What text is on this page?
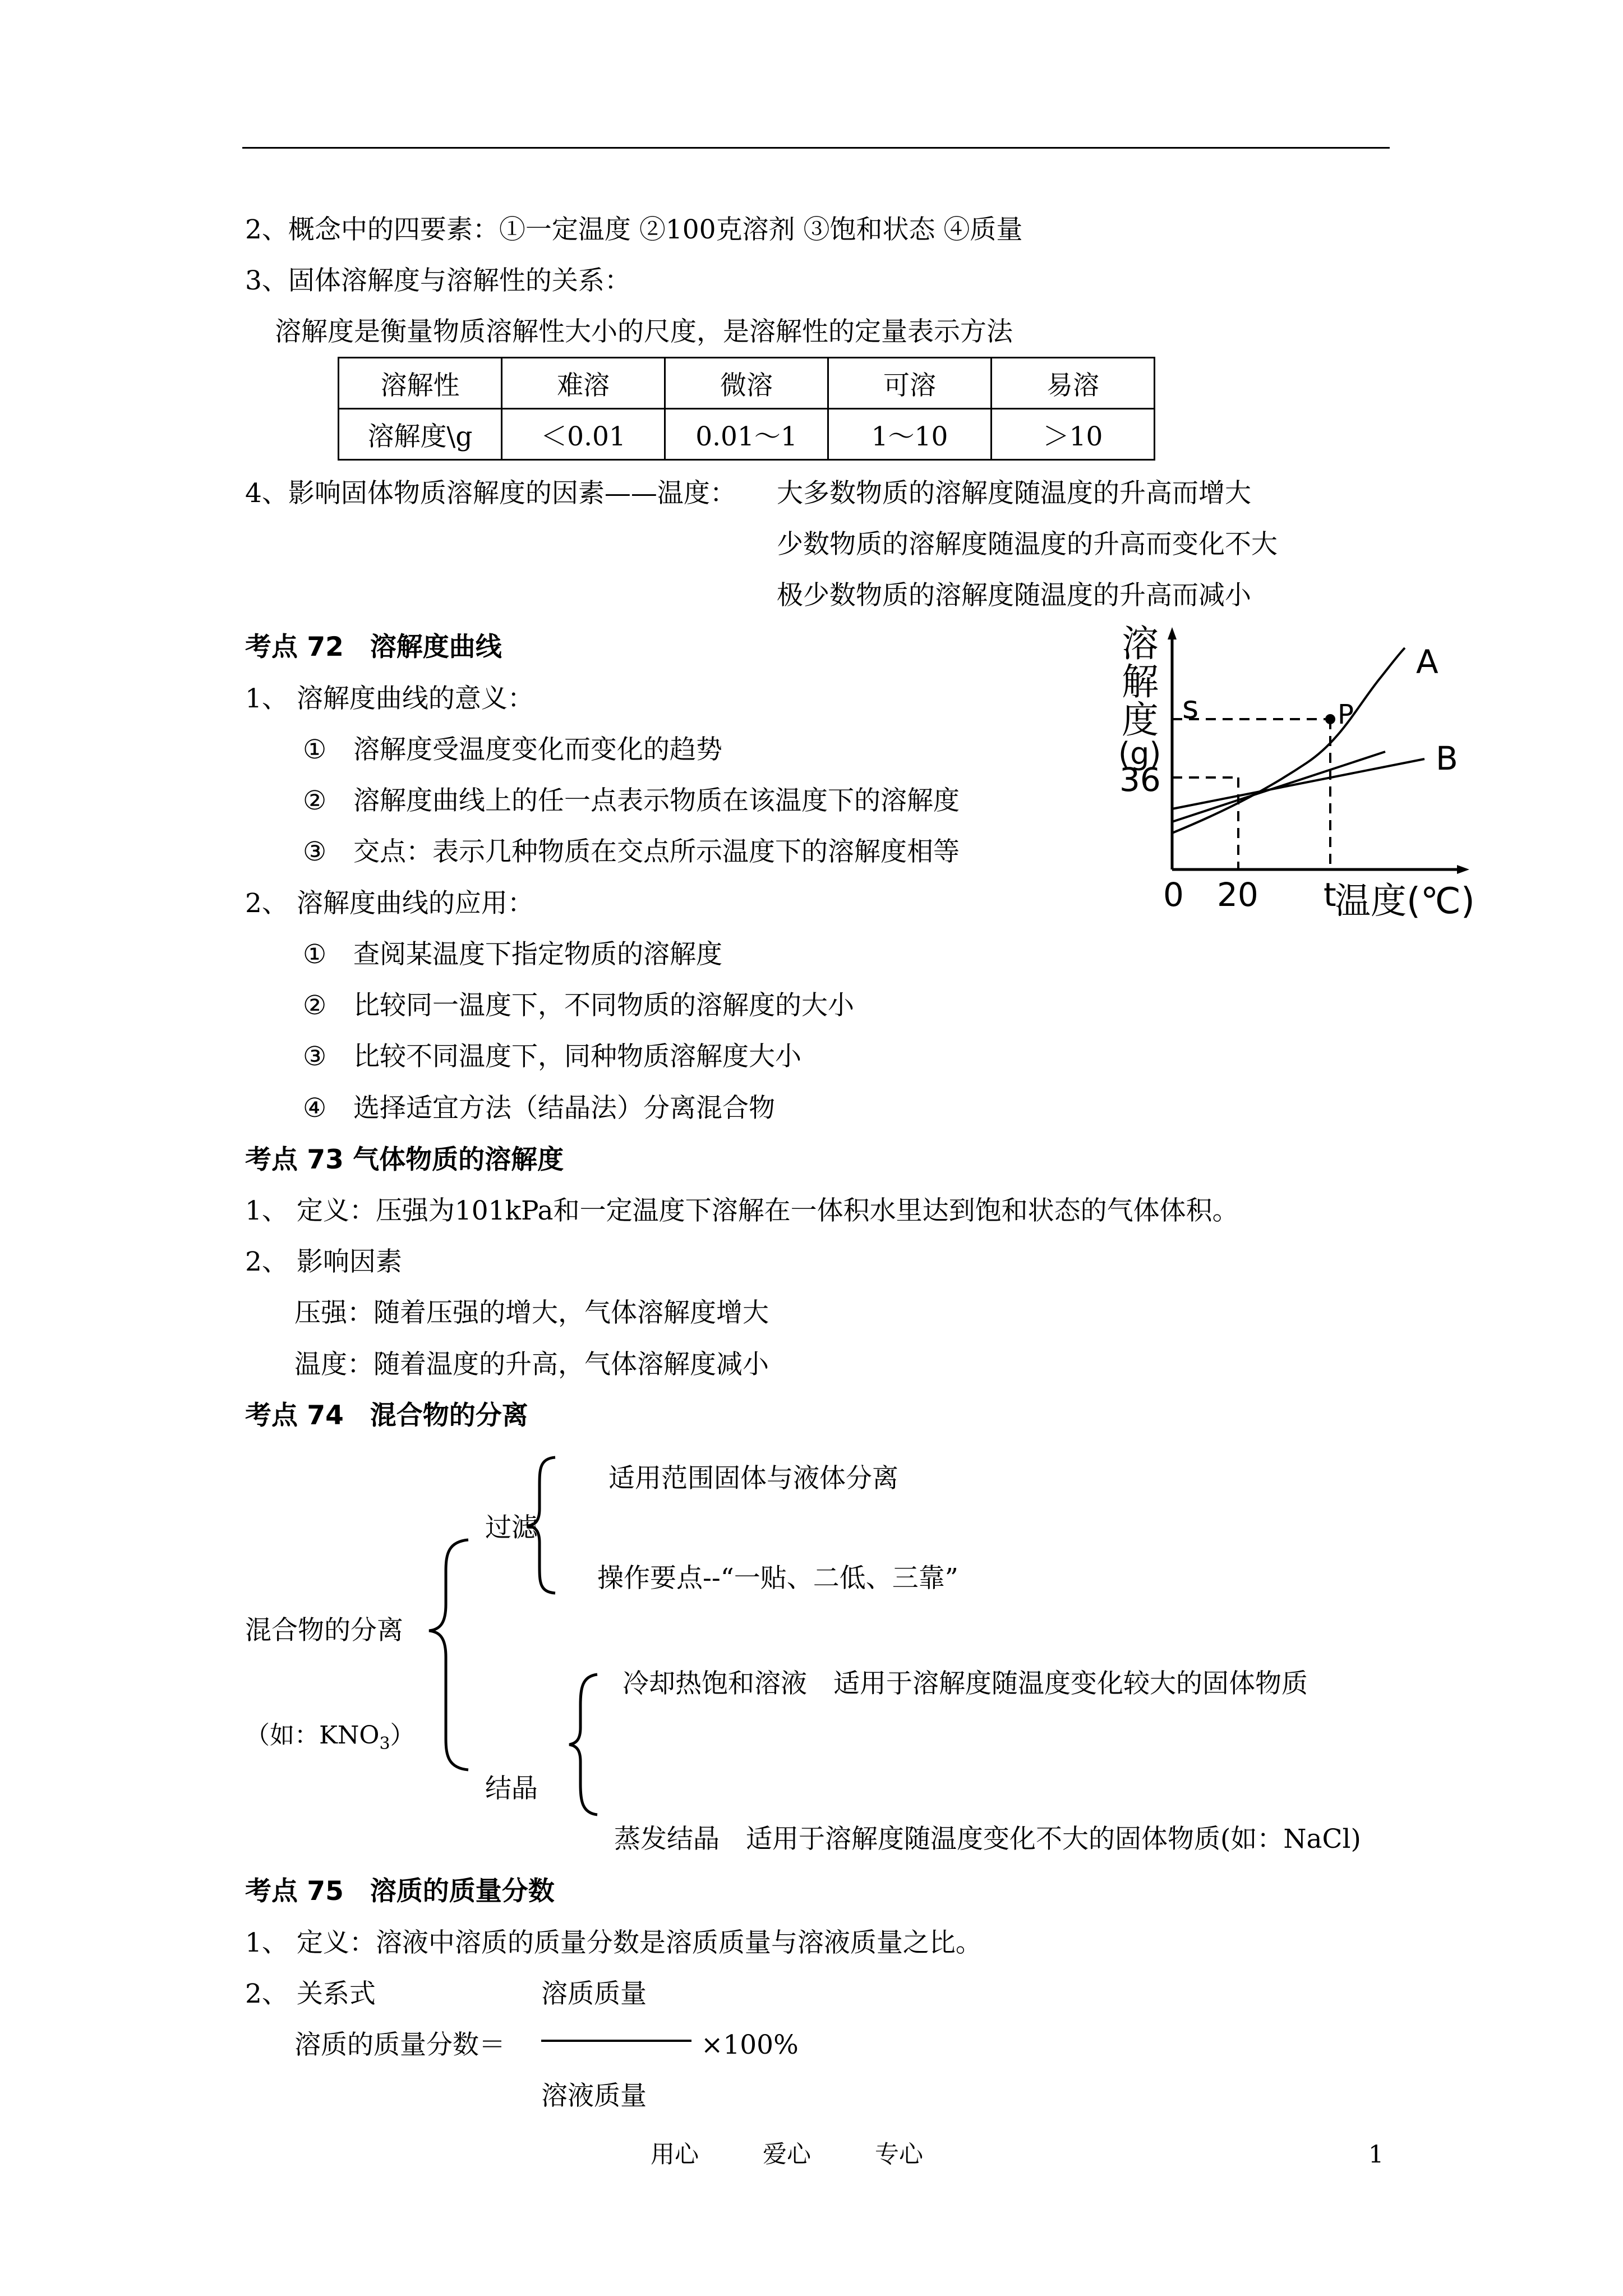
2、概念中的四要素：①一定温度 ②100克溶剂 ③饱和状态 ④质量
3、固体溶解度与溶解性的关系：
溶解度是衡量物质溶解性大小的尺度，是溶解性的定量表示方法
溶解性	难溶	微溶	可溶	易溶
溶解度\g	＜0.01	0.01～1	1～10	＞10
4、影响固体物质溶解度的因素——温度： 大多数物质的溶解度随温度的升高而增大
少数物质的溶解度随温度的升高而变化不大
极少数物质的溶解度随温度的升高而减小
考点 72　溶解度曲线
1、 溶解度曲线的意义：
① 溶解度受温度变化而变化的趋势
② 溶解度曲线上的任一点表示物质在该温度下的溶解度
③ 交点：表示几种物质在交点所示温度下的溶解度相等
2、 溶解度曲线的应用：
① 查阅某温度下指定物质的溶解度
② 比较同一温度下，不同物质的溶解度的大小
③ 比较不同温度下，同种物质溶解度大小
④ 选择适宜方法（结晶法）分离混合物
溶
解
度
(g)
36
s
0 20 t
温度(℃)
A
B
P
考点 73 气体物质的溶解度
1、 定义：压强为101kPa和一定温度下溶解在一体积水里达到饱和状态的气体体积。
2、 影响因素
压强：随着压强的增大，气体溶解度增大
温度：随着温度的升高，气体溶解度减小
考点 74　混合物的分离
适用范围固体与液体分离
过滤
操作要点--“一贴、二低、三靠”
混合物的分离
冷却热饱和溶液　适用于溶解度随温度变化较大的固体物质
（如：$KNO_3$）
结晶
蒸发结晶　适用于溶解度随温度变化不大的固体物质(如：NaCl)
考点 75　溶质的质量分数
1、 定义：溶液中溶质的质量分数是溶质质量与溶液质量之比。
2、 关系式	溶质质量
溶质的质量分数＝	×100%
溶液质量
用心	爱心	专心	1
